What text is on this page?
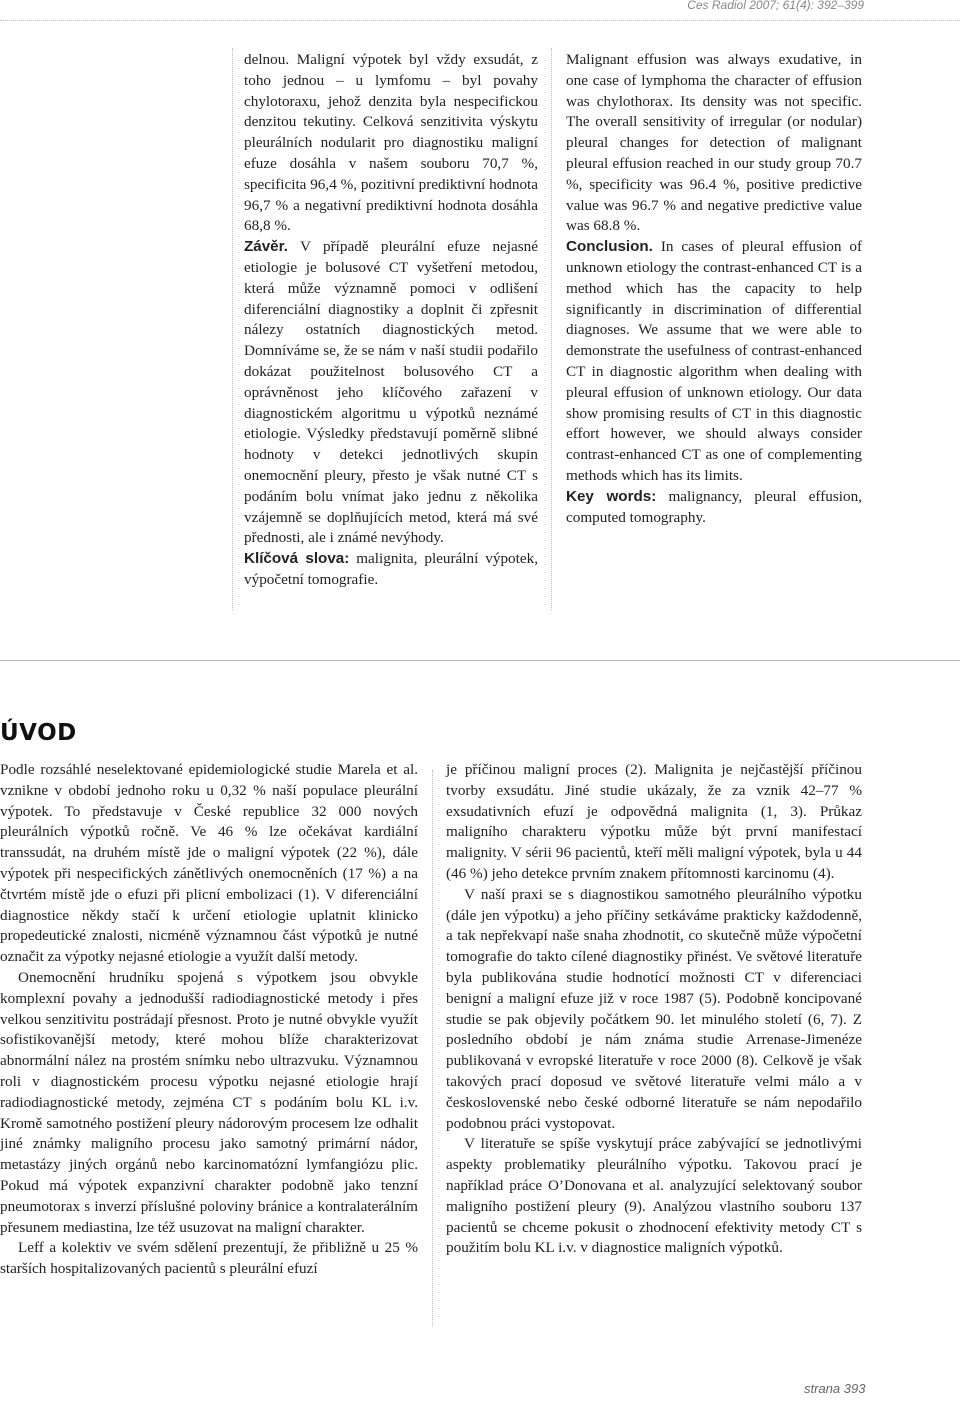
Ces Radiol 2007; 61(4): 392–399

delnou. Maligní výpotek byl vždy exsudát, z toho jednou – u lymfomu – byl povahy chylotoraxu, jehož denzita byla nespecifickou denzitou tekutiny. Celková senzitivita výskytu pleurálních nodularit pro diagnostiku maligní efuze dosáhla v našem souboru 70,7 %, specificita 96,4 %, pozitivní prediktivní hodnota 96,7 % a negativní prediktivní hodnota dosáhla 68,8 %.

Závěr. V případě pleurální efuze nejasné etiologie je bolusové CT vyšetření metodou, která může významně pomoci v odlišení diferenciální diagnostiky a doplnit či zpřesnit nálezy ostatních diagnostických metod. Domníváme se, že se nám v naší studii podařilo dokázat použitelnost bolusového CT a oprávněnost jeho klíčového zařazení v diagnostickém algoritmu u výpotků neznámé etiologie. Výsledky představují poměrně slibné hodnoty v detekci jednotlivých skupin onemocnění pleury, přesto je však nutné CT s podáním bolu vnímat jako jednu z několika vzájemně se doplňujících metod, která má své přednosti, ale i známé nevýhody.

Klíčová slova: malignita, pleurální výpotek, výpočetní tomografie.

Malignant effusion was always exudative, in one case of lymphoma the character of effusion was chylothorax. Its density was not specific. The overall sensitivity of irregular (or nodular) pleural changes for detection of malignant pleural effusion reached in our study group 70.7 %, specificity was 96.4 %, positive predictive value was 96.7 % and negative predictive value was 68.8 %.

Conclusion. In cases of pleural effusion of unknown etiology the contrast-enhanced CT is a method which has the capacity to help significantly in discrimination of differential diagnoses. We assume that we were able to demonstrate the usefulness of contrast-enhanced CT in diagnostic algorithm when dealing with pleural effusion of unknown etiology. Our data show promising results of CT in this diagnostic effort however, we should always consider contrast-enhanced CT as one of complementing methods which has its limits.

Key words: malignancy, pleural effusion, computed tomography.

ÚVOD

Podle rozsáhlé neselektované epidemiologické studie Marela et al. vznikne v období jednoho roku u 0,32 % naší populace pleurální výpotek. To představuje v České republice 32 000 nových pleurálních výpotků ročně. Ve 46 % lze očekávat kardiální transsudát, na druhém místě jde o maligní výpotek (22 %), dále výpotek při nespecifických zánětlivých onemocněních (17 %) a na čtvrtém místě jde o efuzi při plicní embolizaci (1). V diferenciální diagnostice někdy stačí k určení etiologie uplatnit klinicko propedeutické znalosti, nicméně významnou část výpotků je nutné označit za výpotky nejasné etiologie a využít další metody.

Onemocnění hrudníku spojená s výpotkem jsou obvykle komplexní povahy a jednodušší radiodiagnostické metody i přes velkou senzitivitu postrádají přesnost. Proto je nutné obvykle využít sofistikovanější metody, které mohou blíže charakterizovat abnormální nález na prostém snímku nebo ultrazvuku. Významnou roli v diagnostickém procesu výpotku nejasné etiologie hrají radiodiagnostické metody, zejména CT s podáním bolu KL i.v. Kromě samotného postižení pleury nádorovým procesem lze odhalit jiné známky maligního procesu jako samotný primární nádor, metastázy jiných orgánů nebo karcinomatózní lymfangiózu plic. Pokud má výpotek expanzivní charakter podobně jako tenzní pneumotorax s inverzí příslušné poloviny bránice a kontralaterálním přesunem mediastina, lze též usuzovat na maligní charakter.

Leff a kolektiv ve svém sdělení prezentují, že přibližně u 25 % starších hospitalizovaných pacientů s pleurální efuzí

je příčinou maligní proces (2). Malignita je nejčastější příčinou tvorby exsudátu. Jiné studie ukázaly, že za vznik 42–77 % exsudativních efuzí je odpovědná malignita (1, 3). Průkaz maligního charakteru výpotku může být první manifestací malignity. V sérii 96 pacientů, kteří měli maligní výpotek, byla u 44 (46 %) jeho detekce prvním znakem přítomnosti karcinomu (4).

V naší praxi se s diagnostikou samotného pleurálního výpotku (dále jen výpotku) a jeho příčiny setkáváme prakticky každodenně, a tak nepřekvapí naše snaha zhodnotit, co skutečně může výpočetní tomografie do takto cílené diagnostiky přinést. Ve světové literatuře byla publikována studie hodnotící možnosti CT v diferenciaci benigní a maligní efuze již v roce 1987 (5). Podobně koncipované studie se pak objevily počátkem 90. let minulého století (6, 7). Z posledního období je nám známa studie Arrenase-Jimenéze publikovaná v evropské literatuře v roce 2000 (8). Celkově je však takových prací doposud ve světové literatuře velmi málo a v československé nebo české odborné literatuře se nám nepodařilo podobnou práci vystopovat.

V literatuře se spíše vyskytují práce zabývající se jednotlivými aspekty problematiky pleurálního výpotku. Takovou prací je například práce O’Donovana et al. analyzující selektovaný soubor maligního postižení pleury (9). Analýzou vlastního souboru 137 pacientů se chceme pokusit o zhodnocení efektivity metody CT s použitím bolu KL i.v. v diagnostice maligních výpotků.

strana 393
